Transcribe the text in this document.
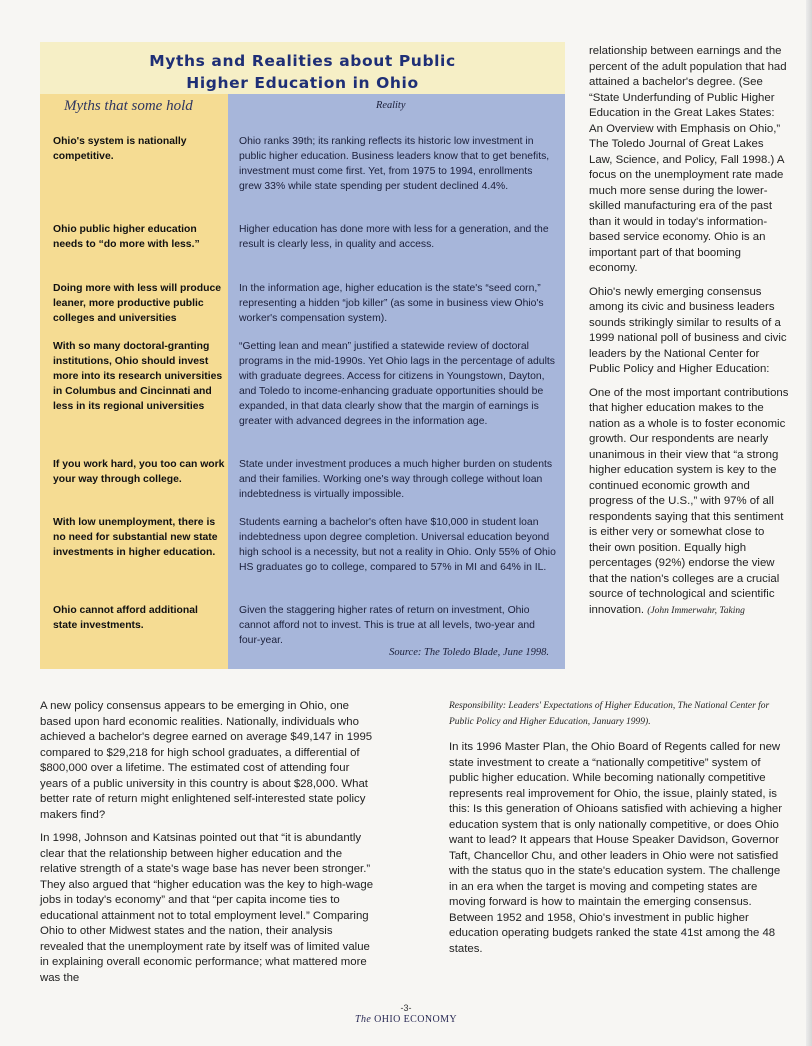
Myths and Realities about Public
Higher Education in Ohio
Myths that some hold	Reality
Ohio's system is nationally competitive.
Ohio ranks 39th; its ranking reflects its historic low investment in public higher education. Business leaders know that to get benefits, investment must come first. Yet, from 1975 to 1994, enrollments grew 33% while state spending per student declined 4.4%.
Ohio public higher education needs to “do more with less.”
Higher education has done more with less for a generation, and the result is clearly less, in quality and access.
Doing more with less will produce leaner, more productive public colleges and universities
In the information age, higher education is the state's “seed corn,” representing a hidden “job killer” (as some in business view Ohio's worker's compensation system).
With so many doctoral-granting institutions, Ohio should invest more into its research universities in Columbus and Cincinnati and less in its regional universities
“Getting lean and mean” justified a statewide review of doctoral programs in the mid-1990s. Yet Ohio lags in the percentage of adults with graduate degrees. Access for citizens in Youngstown, Dayton, and Toledo to income-enhancing graduate opportunities should be expanded, in that data clearly show that the margin of earnings is greater with advanced degrees in the information age.
If you work hard, you too can work your way through college.
State under investment produces a much higher burden on students and their families. Working one's way through college without loan indebtedness is virtually impossible.
With low unemployment, there is no need for substantial new state investments in higher education.
Students earning a bachelor's often have $10,000 in student loan indebtedness upon degree completion. Universal education beyond high school is a necessity, but not a reality in Ohio. Only 55% of Ohio HS graduates go to college, compared to 57% in MI and 64% in IL.
Ohio cannot afford additional state investments.
Given the staggering higher rates of return on investment, Ohio cannot afford not to invest. This is true at all levels, two-year and four-year.
Source: The Toledo Blade, June 1998.

relationship between earnings and the percent of the adult population that had attained a bachelor's degree. (See “State Underfunding of Public Higher Education in the Great Lakes States: An Overview with Emphasis on Ohio,” The Toledo Journal of Great Lakes Law, Science, and Policy, Fall 1998.) A focus on the unemployment rate made much more sense during the lower-skilled manufacturing era of the past than it would in today's information-based service economy. Ohio is an important part of that booming economy.

Ohio's newly emerging consensus among its civic and business leaders sounds strikingly similar to results of a 1999 national poll of business and civic leaders by the National Center for Public Policy and Higher Education:

One of the most important contributions that higher education makes to the nation as a whole is to foster economic growth. Our respondents are nearly unanimous in their view that “a strong higher education system is key to the continued economic growth and progress of the U.S.,” with 97% of all respondents saying that this sentiment is either very or somewhat close to their own position. Equally high percentages (92%) endorse the view that the nation's colleges are a crucial source of technological and scientific innovation. (John Immerwahr, Taking

Responsibility: Leaders' Expectations of Higher Education, The National Center for Public Policy and Higher Education, January 1999).

A new policy consensus appears to be emerging in Ohio, one based upon hard economic realities. Nationally, individuals who achieved a bachelor's degree earned on average $49,147 in 1995 compared to $29,218 for high school graduates, a differential of $800,000 over a lifetime. The estimated cost of attending four years of a public university in this country is about $28,000. What better rate of return might enlightened self-interested state policy makers find?

In 1998, Johnson and Katsinas pointed out that “it is abundantly clear that the relationship between higher education and the relative strength of a state's wage base has never been stronger.” They also argued that “higher education was the key to high-wage jobs in today's economy” and that “per capita income ties to educational attainment not to total employment level.” Comparing Ohio to other Midwest states and the nation, their analysis revealed that the unemployment rate by itself was of limited value in explaining overall economic performance; what mattered more was the

In its 1996 Master Plan, the Ohio Board of Regents called for new state investment to create a “nationally competitive” system of public higher education. While becoming nationally competitive represents real improvement for Ohio, the issue, plainly stated, is this: Is this generation of Ohioans satisfied with achieving a higher education system that is only nationally competitive, or does Ohio want to lead? It appears that House Speaker Davidson, Governor Taft, Chancellor Chu, and other leaders in Ohio were not satisfied with the status quo in the state's education system. The challenge in an era when the target is moving and competing states are moving forward is how to maintain the emerging consensus. Between 1952 and 1958, Ohio's investment in public higher education operating budgets ranked the state 41st among the 48 states.

-3-
The OHIO ECONOMY
